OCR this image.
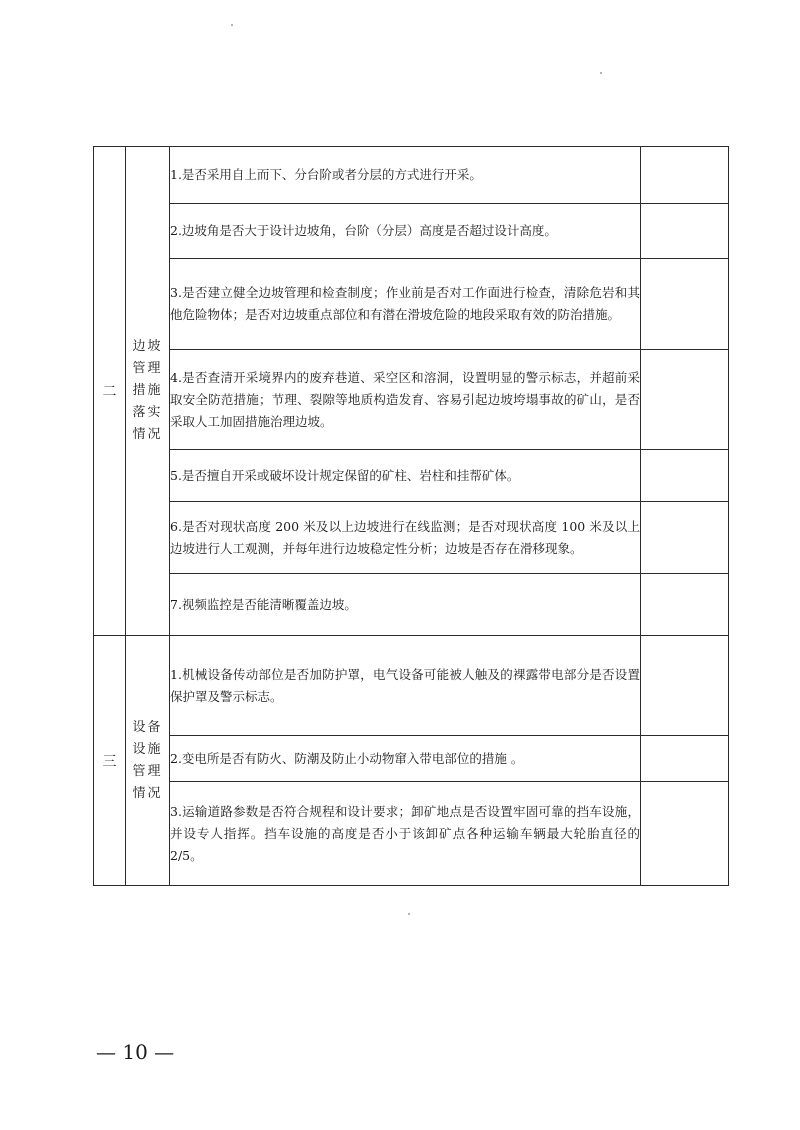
二	边坡管理措施落实情况	1.是否采用自上而下、分台阶或者分层的方式进行开采。	
		2.边坡角是否大于设计边坡角，台阶（分层）高度是否超过设计高度。	
		3.是否建立健全边坡管理和检查制度；作业前是否对工作面进行检查，清除危岩和其他危险物体；是否对边坡重点部位和有潜在滑坡危险的地段采取有效的防治措施。	
		4.是否查清开采境界内的废弃巷道、采空区和溶洞，设置明显的警示标志，并超前采取安全防范措施；节理、裂隙等地质构造发育、容易引起边坡垮塌事故的矿山，是否采取人工加固措施治理边坡。	
		5.是否擅自开采或破坏设计规定保留的矿柱、岩柱和挂帮矿体。	
		6.是否对现状高度 200 米及以上边坡进行在线监测；是否对现状高度 100 米及以上边坡进行人工观测，并每年进行边坡稳定性分析；边坡是否存在滑移现象。	
		7.视频监控是否能清晰覆盖边坡。	
三	设备设施管理情况	1.机械设备传动部位是否加防护罩，电气设备可能被人触及的裸露带电部分是否设置保护罩及警示标志。	
		2.变电所是否有防火、防潮及防止小动物窜入带电部位的措施 。	
		3.运输道路参数是否符合规程和设计要求；卸矿地点是否设置牢固可靠的挡车设施，并设专人指挥。挡车设施的高度是否小于该卸矿点各种运输车辆最大轮胎直径的 2/5。	
— 10 —
